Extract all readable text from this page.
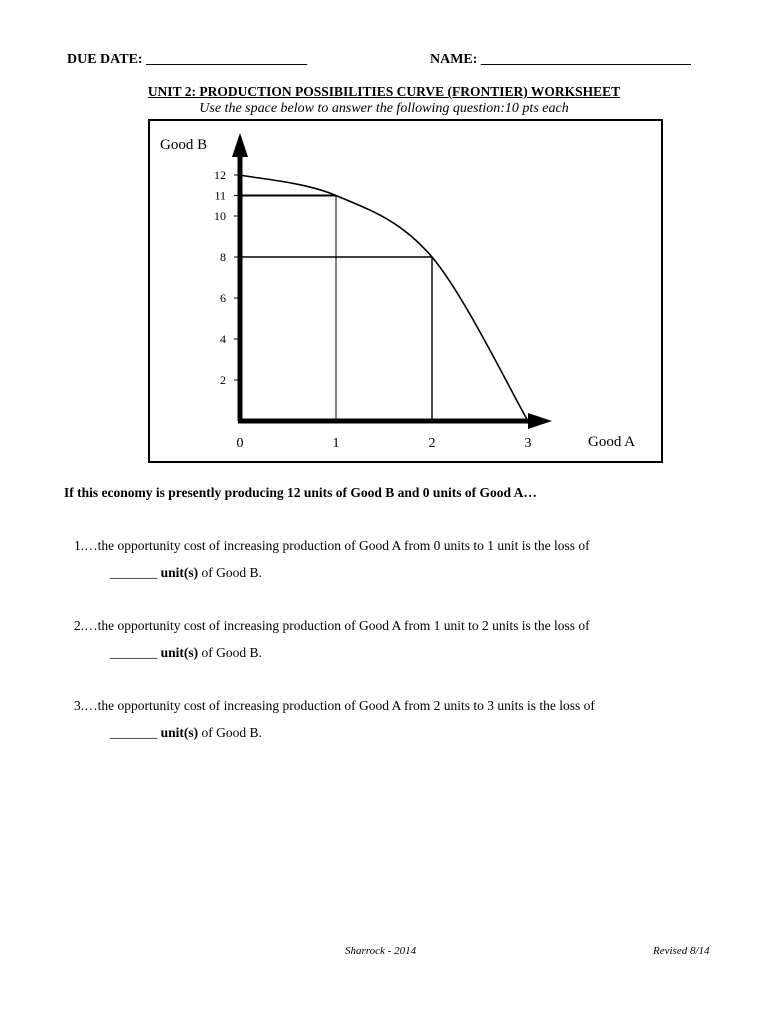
DUE DATE: _______________________	NAME: ______________________________
UNIT 2: PRODUCTION POSSIBILITIES CURVE (FRONTIER) WORKSHEET
Use the space below to answer the following question:10 pts each
Good B
Good A
2
4
6
8
10
11
12
0	1	2	3
If this economy is presently producing 12 units of Good B and 0 units of Good A…
1.…the opportunity cost of increasing production of Good A from 0 units to 1 unit is the loss of
_______ unit(s) of Good B.
2.…the opportunity cost of increasing production of Good A from 1 unit to 2 units is the loss of
_______ unit(s) of Good B.
3.…the opportunity cost of increasing production of Good A from 2 units to 3 units is the loss of
_______ unit(s) of Good B.
Sharrock - 2014	Revised 8/14
